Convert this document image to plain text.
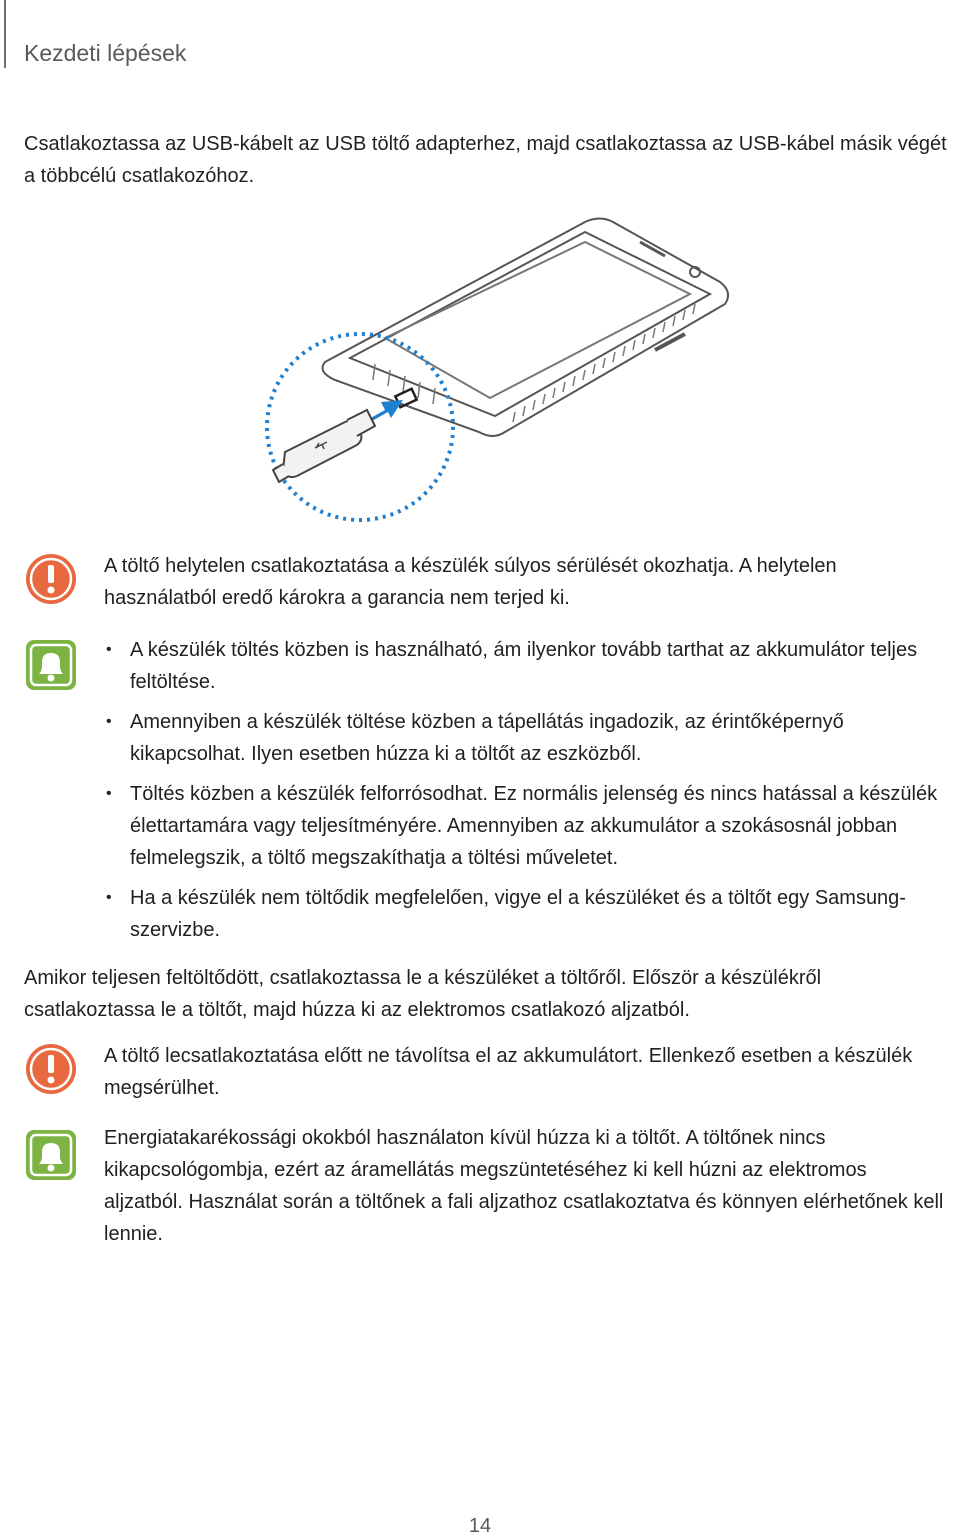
Kezdeti lépések
Csatlakoztassa az USB-kábelt az USB töltő adapterhez, majd csatlakoztassa az USB-kábel másik végét a többcélú csatlakozóhoz.
A töltő helytelen csatlakoztatása a készülék súlyos sérülését okozhatja. A helytelen használatból eredő károkra a garancia nem terjed ki.
• A készülék töltés közben is használható, ám ilyenkor tovább tarthat az akkumulátor teljes feltöltése.
• Amennyiben a készülék töltése közben a tápellátás ingadozik, az érintőképernyő kikapcsolhat. Ilyen esetben húzza ki a töltőt az eszközből.
• Töltés közben a készülék felforrósodhat. Ez normális jelenség és nincs hatással a készülék élettartamára vagy teljesítményére. Amennyiben az akkumulátor a szokásosnál jobban felmelegszik, a töltő megszakíthatja a töltési műveletet.
• Ha a készülék nem töltődik megfelelően, vigye el a készüléket és a töltőt egy Samsung-szervizbe.
Amikor teljesen feltöltődött, csatlakoztassa le a készüléket a töltőről. Először a készülékről csatlakoztassa le a töltőt, majd húzza ki az elektromos csatlakozó aljzatból.
A töltő lecsatlakoztatása előtt ne távolítsa el az akkumulátort. Ellenkező esetben a készülék megsérülhet.
Energiatakarékossági okokból használaton kívül húzza ki a töltőt. A töltőnek nincs kikapcsológombja, ezért az áramellátás megszüntetéséhez ki kell húzni az elektromos aljzatból. Használat során a töltőnek a fali aljzathoz csatlakoztatva és könnyen elérhetőnek kell lennie.
14
